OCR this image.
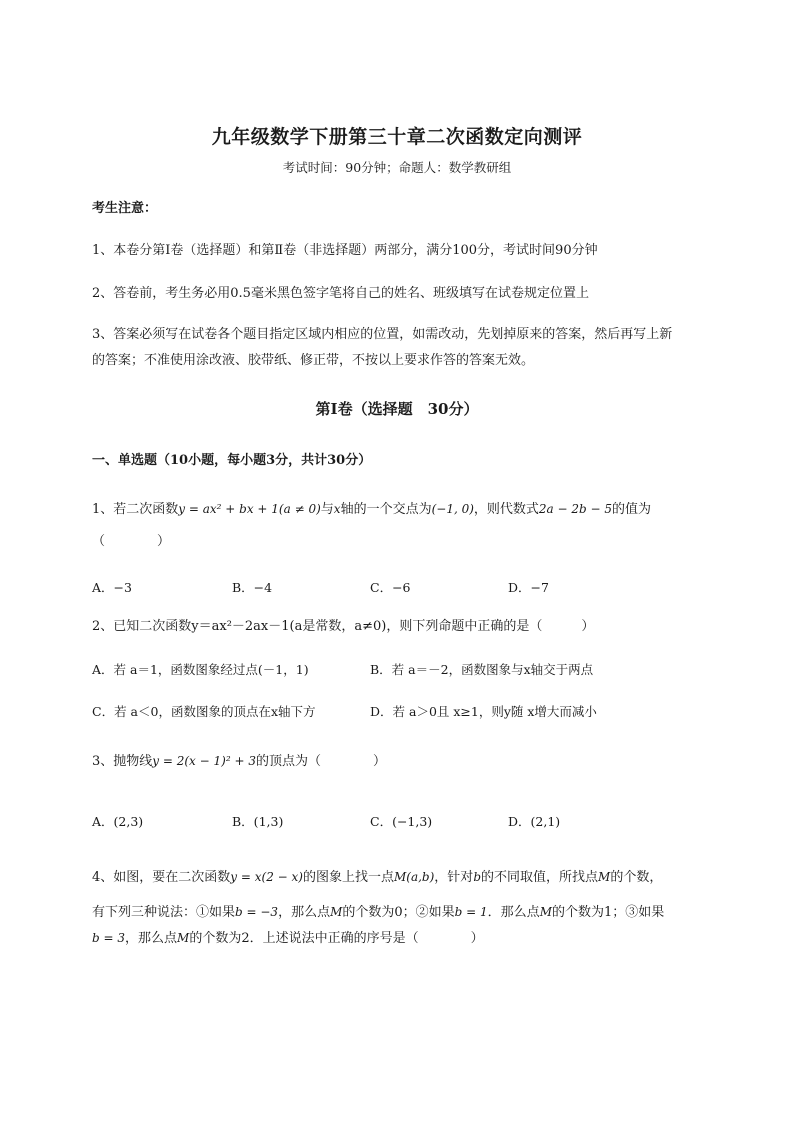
九年级数学下册第三十章二次函数定向测评
考试时间：90分钟；命题人：数学教研组
考生注意：
1、本卷分第I卷（选择题）和第Ⅱ卷（非选择题）两部分，满分100分，考试时间90分钟
2、答卷前，考生务必用0.5毫米黑色签字笔将自己的姓名、班级填写在试卷规定位置上
3、答案必须写在试卷各个题目指定区域内相应的位置，如需改动，先划掉原来的答案，然后再写上新
的答案；不准使用涂改液、胶带纸、修正带，不按以上要求作答的答案无效。
第I卷（选择题　30分）
一、单选题（10小题，每小题3分，共计30分）
1、若二次函数y = ax² + bx + 1(a ≠ 0)与x轴的一个交点为(−1, 0)，则代数式2a − 2b − 5的值为
（　　　　）
A．−3	B．−4	C．−6	D．−7
2、已知二次函数y＝ax²－2ax－1(a是常数，a≠0)，则下列命题中正确的是（　　　）
A．若 a＝1，函数图象经过点(－1，1)	B．若 a＝－2，函数图象与x轴交于两点
C．若 a＜0，函数图象的顶点在x轴下方	D．若 a＞0且 x≥1，则y随 x增大而减小
3、抛物线y = 2(x − 1)² + 3的顶点为（　　　　）
A．(2,3)	B．(1,3)	C．(−1,3)	D．(2,1)
4、如图，要在二次函数y = x(2 − x)的图象上找一点M(a,b)，针对b的不同取值，所找点M的个数，
有下列三种说法：①如果b = −3，那么点M的个数为0；②如果b = 1．那么点M的个数为1；③如果
b = 3，那么点M的个数为2．上述说法中正确的序号是（　　　　）
